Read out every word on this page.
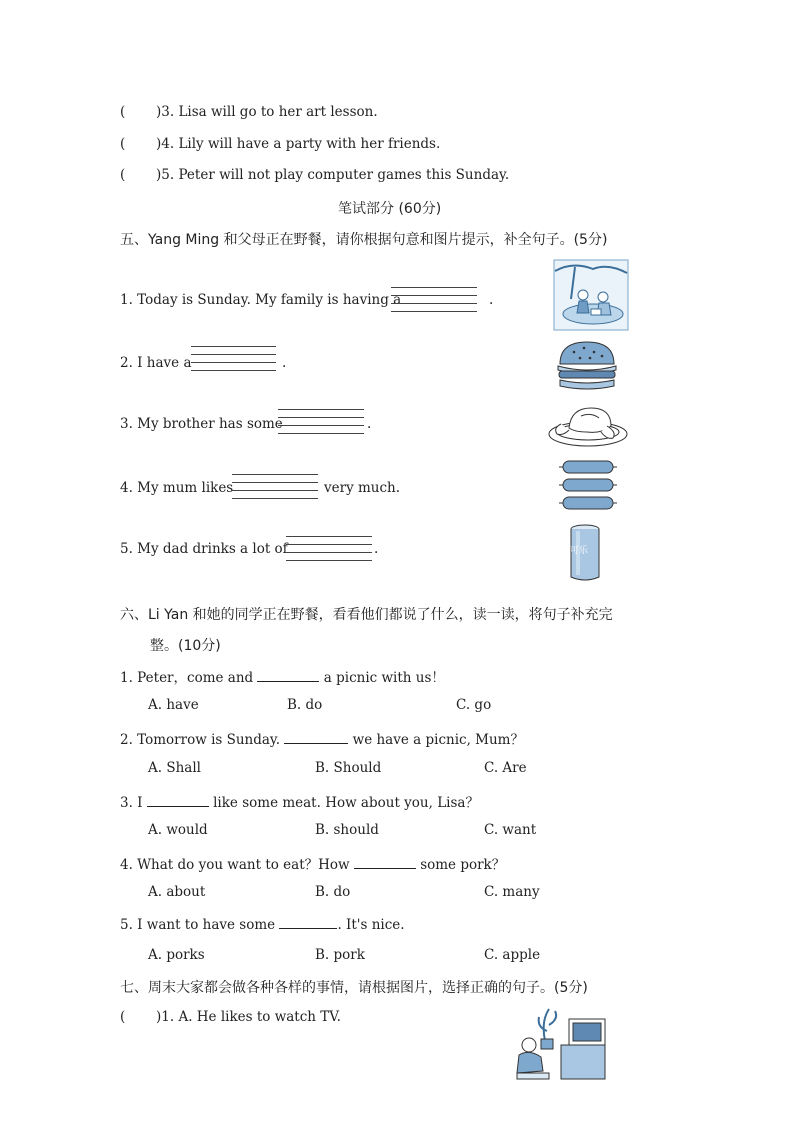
( )3. Lisa will go to her art lesson.
( )4. Lily will have a party with her friends.
( )5. Peter will not play computer games this Sunday.
笔试部分 (60分)
五、Yang Ming 和父母正在野餐，请你根据句意和图片提示，补全句子。(5分)
1. Today is Sunday. My family is having a	.
2. I have a	.
3. My brother has some	.
4. My mum likes	very much.
5. My dad drinks a lot of	.	可乐
六、Li Yan 和她的同学正在野餐，看看他们都说了什么，读一读，将句子补充完
整。(10分)
1. Peter，come and	a picnic with us！
A. have	B. do	C. go
2. Tomorrow is Sunday.	we have a picnic, Mum？
A. Shall	B. Should	C. Are
3. I	like some meat. How about you, Lisa？
A. would	B. should	C. want
4. What do you want to eat？How	some pork？
A. about	B. do	C. many
5. I want to have some	. It's nice.
A. porks	B. pork	C. apple
七、周末大家都会做各种各样的事情，请根据图片，选择正确的句子。(5分)
( )1. A. He likes to watch TV.
